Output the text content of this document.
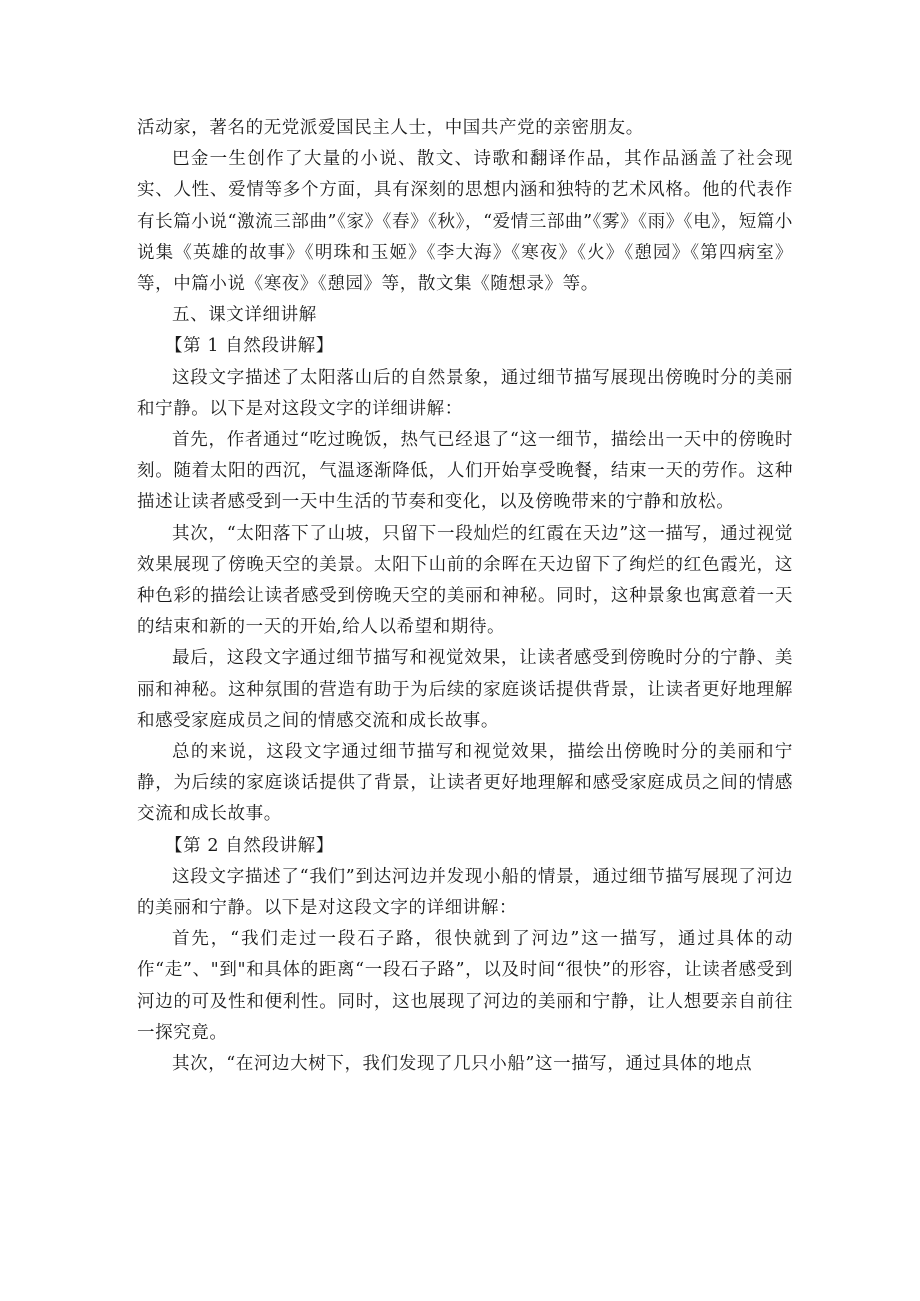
活动家，著名的无党派爱国民主人士，中国共产党的亲密朋友。

巴金一生创作了大量的小说、散文、诗歌和翻译作品，其作品涵盖了社会现实、人性、爱情等多个方面，具有深刻的思想内涵和独特的艺术风格。他的代表作有长篇小说“激流三部曲”《家》《春》《秋》，“爱情三部曲”《雾》《雨》《电》，短篇小说集《英雄的故事》《明珠和玉姬》《李大海》《寒夜》《火》《憩园》《第四病室》等，中篇小说《寒夜》《憩园》等，散文集《随想录》等。

五、课文详细讲解

【第 1 自然段讲解】

这段文字描述了太阳落山后的自然景象，通过细节描写展现出傍晚时分的美丽和宁静。以下是对这段文字的详细讲解：

首先，作者通过“吃过晚饭，热气已经退了“这一细节，描绘出一天中的傍晚时刻。随着太阳的西沉，气温逐渐降低，人们开始享受晚餐，结束一天的劳作。这种描述让读者感受到一天中生活的节奏和变化，以及傍晚带来的宁静和放松。

其次，“太阳落下了山坡，只留下一段灿烂的红霞在天边”这一描写，通过视觉效果展现了傍晚天空的美景。太阳下山前的余晖在天边留下了绚烂的红色霞光，这种色彩的描绘让读者感受到傍晚天空的美丽和神秘。同时，这种景象也寓意着一天的结束和新的一天的开始,给人以希望和期待。

最后，这段文字通过细节描写和视觉效果，让读者感受到傍晚时分的宁静、美丽和神秘。这种氛围的营造有助于为后续的家庭谈话提供背景，让读者更好地理解和感受家庭成员之间的情感交流和成长故事。

总的来说，这段文字通过细节描写和视觉效果，描绘出傍晚时分的美丽和宁静，为后续的家庭谈话提供了背景，让读者更好地理解和感受家庭成员之间的情感交流和成长故事。

【第 2 自然段讲解】

这段文字描述了“我们”到达河边并发现小船的情景，通过细节描写展现了河边的美丽和宁静。以下是对这段文字的详细讲解：

首先，“我们走过一段石子路，很快就到了河边”这一描写，通过具体的动作“走”、"到"和具体的距离“一段石子路”，以及时间“很快”的形容，让读者感受到河边的可及性和便利性。同时，这也展现了河边的美丽和宁静，让人想要亲自前往一探究竟。

其次，“在河边大树下，我们发现了几只小船”这一描写，通过具体的地点
